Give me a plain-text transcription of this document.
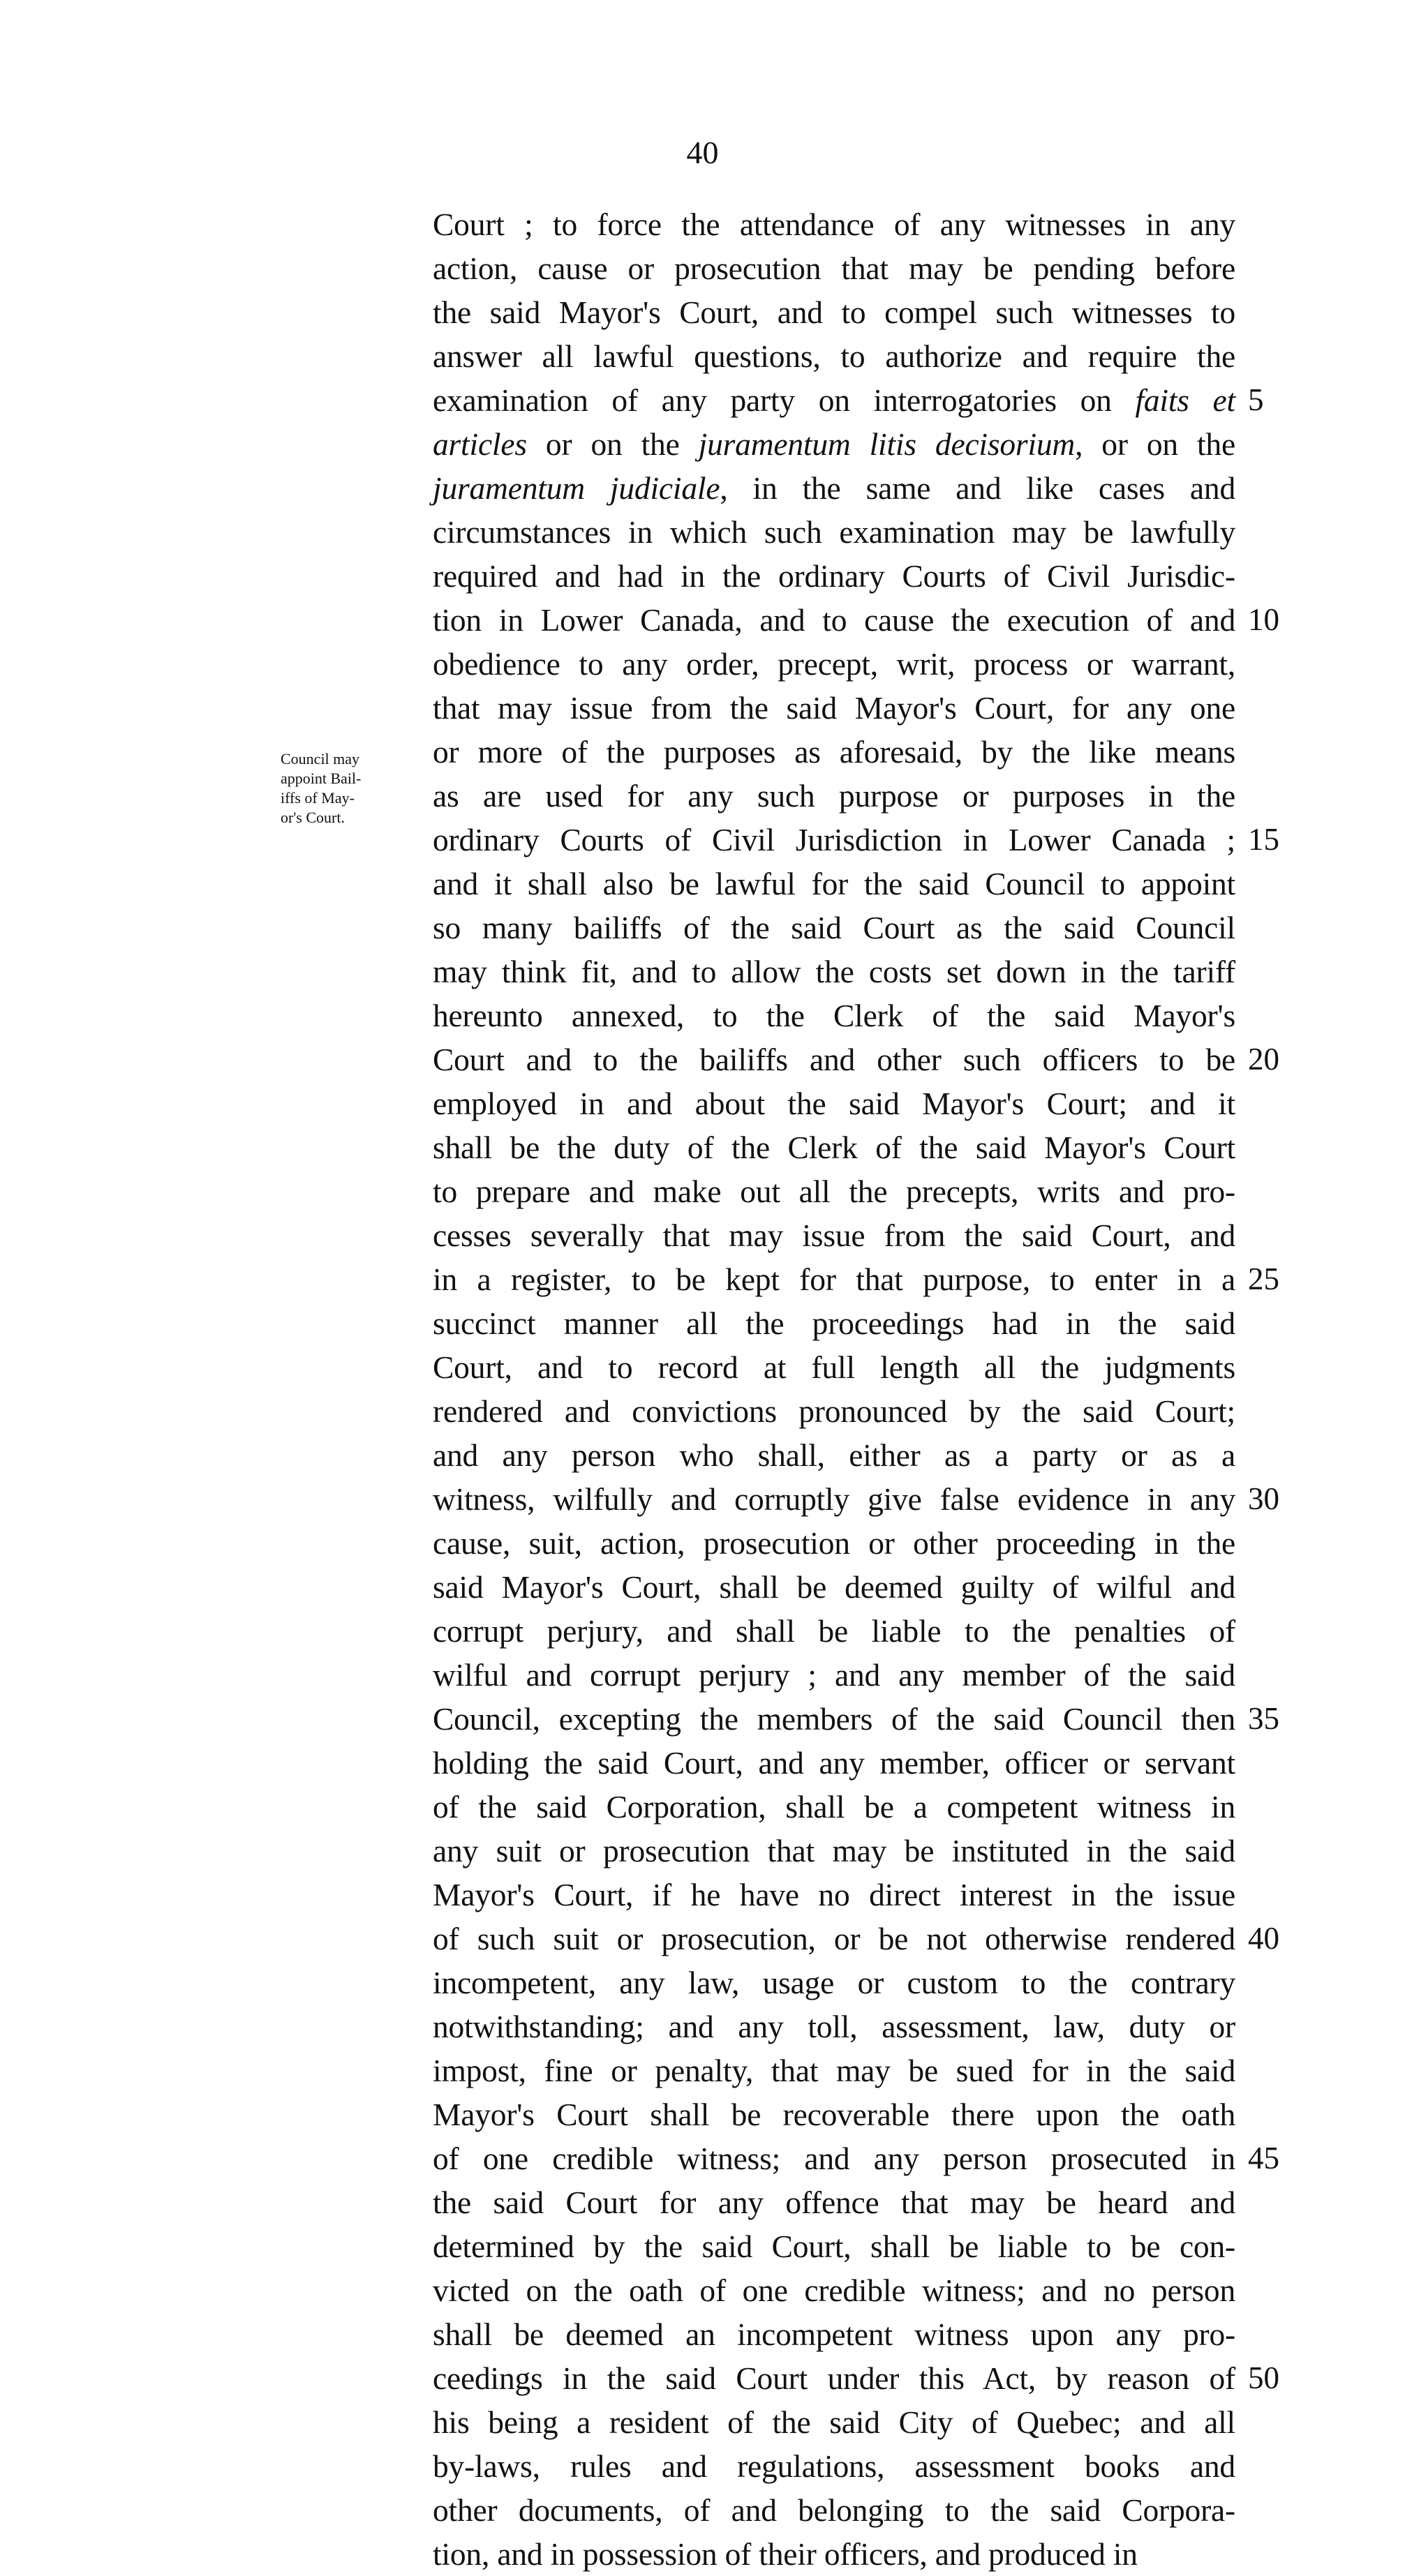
40
Council may
appoint Bail-
iffs of May-
or's Court.
Court ; to force the attendance of any witnesses in any
action, cause or prosecution that may be pending before
the said Mayor's Court, and to compel such witnesses to
answer all lawful questions, to authorize and require the
examination of any party on interrogatories on faits et
articles or on the juramentum litis decisorium, or on the
juramentum judiciale, in the same and like cases and
circumstances in which such examination may be lawfully
required and had in the ordinary Courts of Civil Jurisdic-
tion in Lower Canada, and to cause the execution of and
obedience to any order, precept, writ, process or warrant,
that may issue from the said Mayor's Court, for any one
or more of the purposes as aforesaid, by the like means
as are used for any such purpose or purposes in the
ordinary Courts of Civil Jurisdiction in Lower Canada ;
and it shall also be lawful for the said Council to appoint
so many bailiffs of the said Court as the said Council
may think fit, and to allow the costs set down in the tariff
hereunto annexed, to the Clerk of the said Mayor's
Court and to the bailiffs and other such officers to be
employed in and about the said Mayor's Court; and it
shall be the duty of the Clerk of the said Mayor's Court
to prepare and make out all the precepts, writs and pro-
cesses severally that may issue from the said Court, and
in a register, to be kept for that purpose, to enter in a
succinct manner all the proceedings had in the said
Court, and to record at full length all the judgments
rendered and convictions pronounced by the said Court;
and any person who shall, either as a party or as a
witness, wilfully and corruptly give false evidence in any
cause, suit, action, prosecution or other proceeding in the
said Mayor's Court, shall be deemed guilty of wilful and
corrupt perjury, and shall be liable to the penalties of
wilful and corrupt perjury ; and any member of the said
Council, excepting the members of the said Council then
holding the said Court, and any member, officer or servant
of the said Corporation, shall be a competent witness in
any suit or prosecution that may be instituted in the said
Mayor's Court, if he have no direct interest in the issue
of such suit or prosecution, or be not otherwise rendered
incompetent, any law, usage or custom to the contrary
notwithstanding; and any toll, assessment, law, duty or
impost, fine or penalty, that may be sued for in the said
Mayor's Court shall be recoverable there upon the oath
of one credible witness; and any person prosecuted in
the said Court for any offence that may be heard and
determined by the said Court, shall be liable to be con-
victed on the oath of one credible witness; and no person
shall be deemed an incompetent witness upon any pro-
ceedings in the said Court under this Act, by reason of
his being a resident of the said City of Quebec; and all
by-laws, rules and regulations, assessment books and
other documents, of and belonging to the said Corpora-
tion, and in possession of their officers, and produced in
5
10
15
20
25
30
35
40
45
50
